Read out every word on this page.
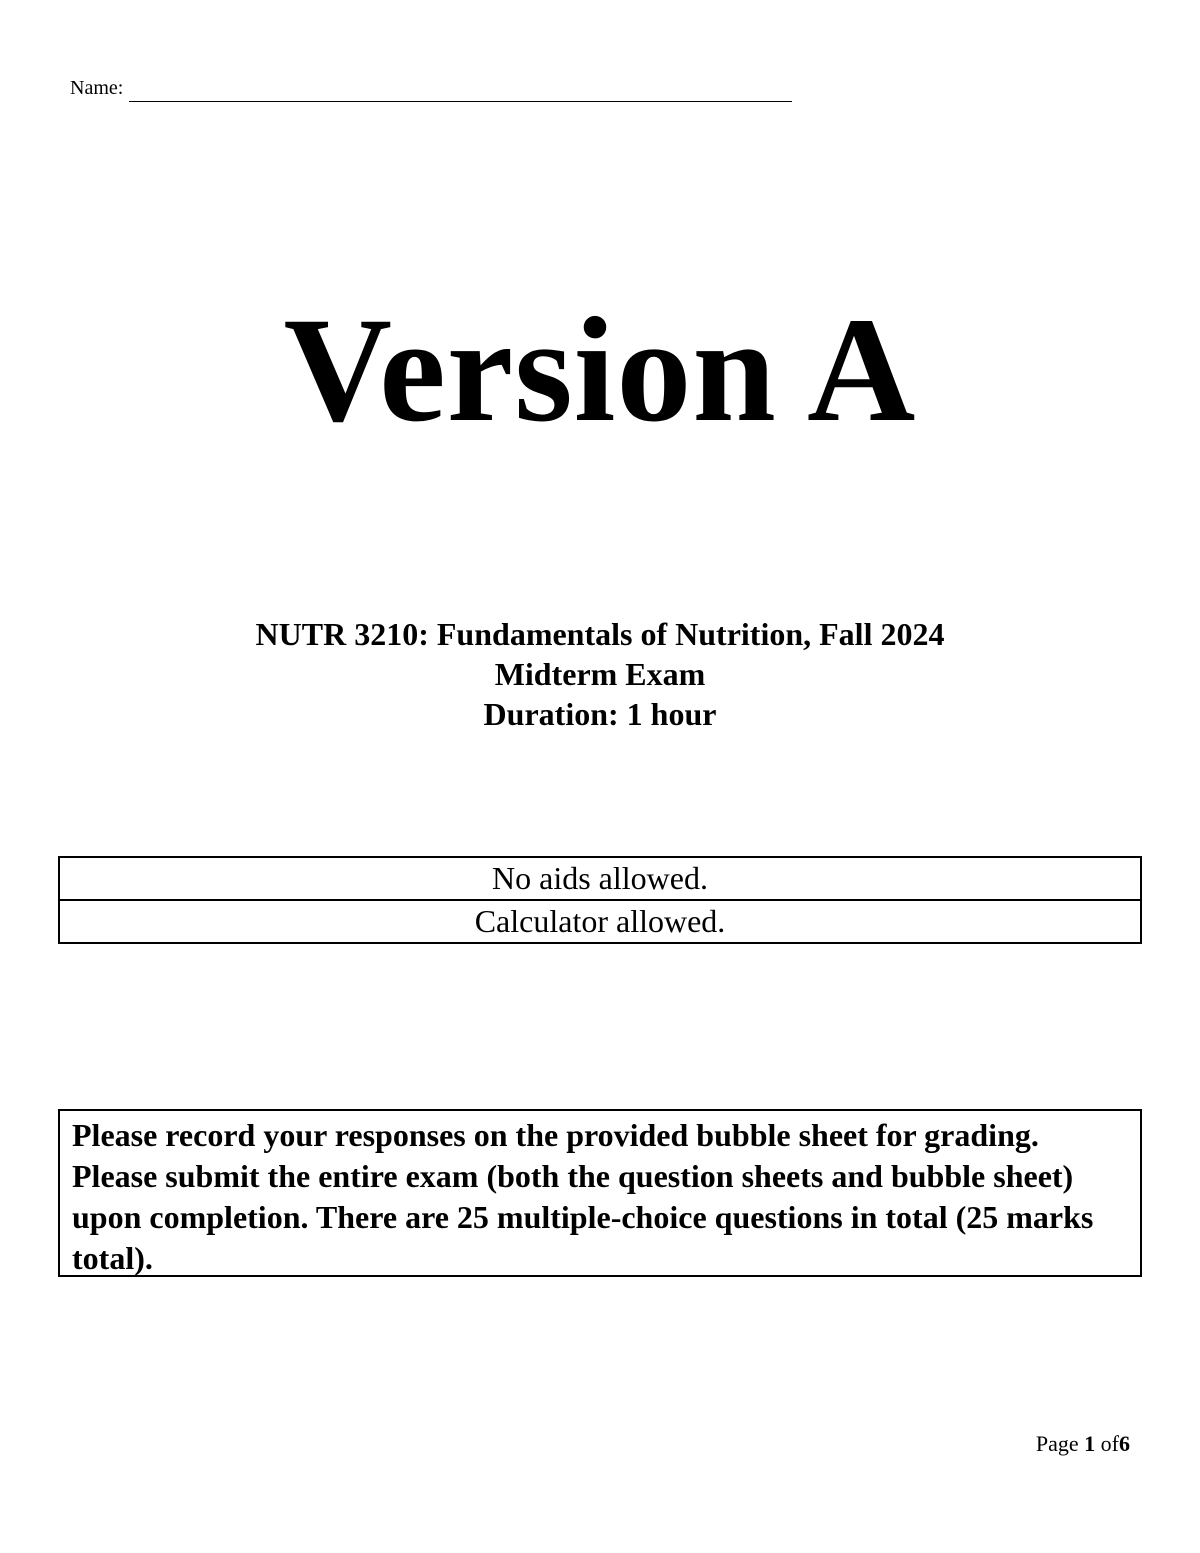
Name:
Version A
NUTR 3210: Fundamentals of Nutrition, Fall 2024
Midterm Exam
Duration: 1 hour
No aids allowed.
Calculator allowed.
Please record your responses on the provided bubble sheet for grading. Please submit the entire exam (both the question sheets and bubble sheet) upon completion. There are 25 multiple-choice questions in total (25 marks total).
Page 1 of6
